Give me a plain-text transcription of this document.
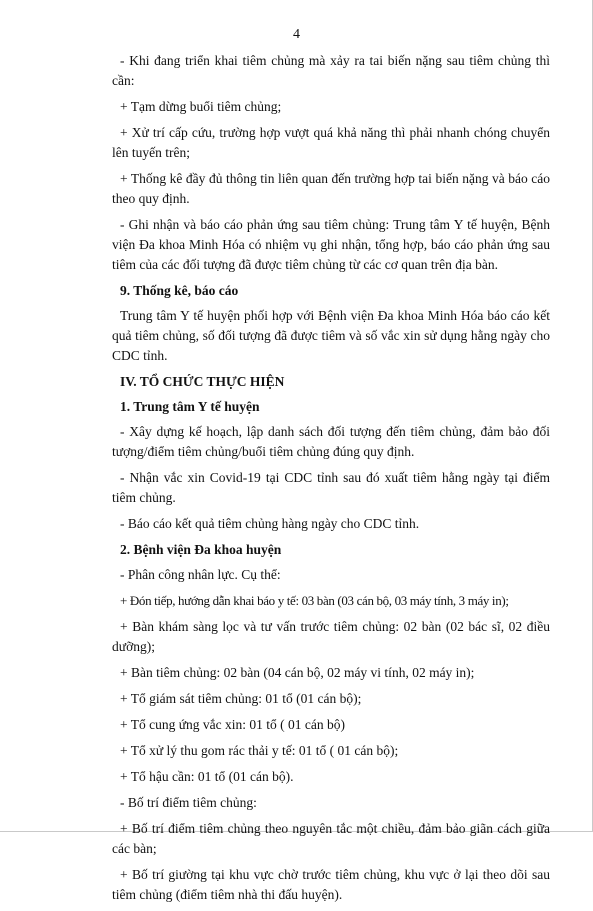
4

- Khi đang triển khai tiêm chủng mà xảy ra tai biến nặng sau tiêm chủng thì cần:

+ Tạm dừng buổi tiêm chủng;

+ Xử trí cấp cứu, trường hợp vượt quá khả năng thì phải nhanh chóng chuyển lên tuyến trên;

+ Thống kê đầy đủ thông tin liên quan đến trường hợp tai biến nặng và báo cáo theo quy định.

- Ghi nhận và báo cáo phản ứng sau tiêm chủng: Trung tâm Y tế huyện, Bệnh viện Đa khoa Minh Hóa có nhiệm vụ ghi nhận, tổng hợp, báo cáo phản ứng sau tiêm của các đối tượng đã được tiêm chủng từ các cơ quan trên địa bàn.

9. Thống kê, báo cáo

Trung tâm Y tế huyện phối hợp với Bệnh viện Đa khoa Minh Hóa báo cáo kết quả tiêm chủng, số đối tượng đã được tiêm và số vắc xin sử dụng hằng ngày cho CDC tỉnh.

IV. TỔ CHỨC THỰC HIỆN

1. Trung tâm Y tế huyện

- Xây dựng kế hoạch, lập danh sách đối tượng đến tiêm chủng, đảm bảo đối tượng/điểm tiêm chủng/buổi tiêm chủng đúng quy định.

- Nhận vắc xin Covid-19 tại CDC tỉnh sau đó xuất tiêm hằng ngày tại điểm tiêm chủng.

- Báo cáo kết quả tiêm chủng hàng ngày cho CDC tỉnh.

2. Bệnh viện Đa khoa huyện

- Phân công nhân lực. Cụ thể:

+ Đón tiếp, hướng dẫn khai báo y tế: 03 bàn (03 cán bộ, 03 máy tính, 3 máy in);

+ Bàn khám sàng lọc và tư vấn trước tiêm chủng: 02 bàn (02 bác sĩ, 02 điều dưỡng);

+ Bàn tiêm chủng: 02 bàn (04 cán bộ, 02 máy vi tính, 02 máy in);

+ Tổ giám sát tiêm chủng: 01 tổ (01 cán bộ);

+ Tổ cung ứng vắc xin: 01 tổ ( 01 cán bộ)

+ Tổ xử lý thu gom rác thải y tế: 01 tổ ( 01 cán bộ);

+ Tổ hậu cần: 01 tổ (01 cán bộ).

- Bố trí điểm tiêm chủng:

+ Bố trí điểm tiêm chủng theo nguyên tắc một chiều, đảm bảo giãn cách giữa các bàn;

+ Bố trí giường tại khu vực chờ trước tiêm chủng, khu vực ở lại theo dõi sau tiêm chủng (điểm tiêm nhà thi đấu huyện).
